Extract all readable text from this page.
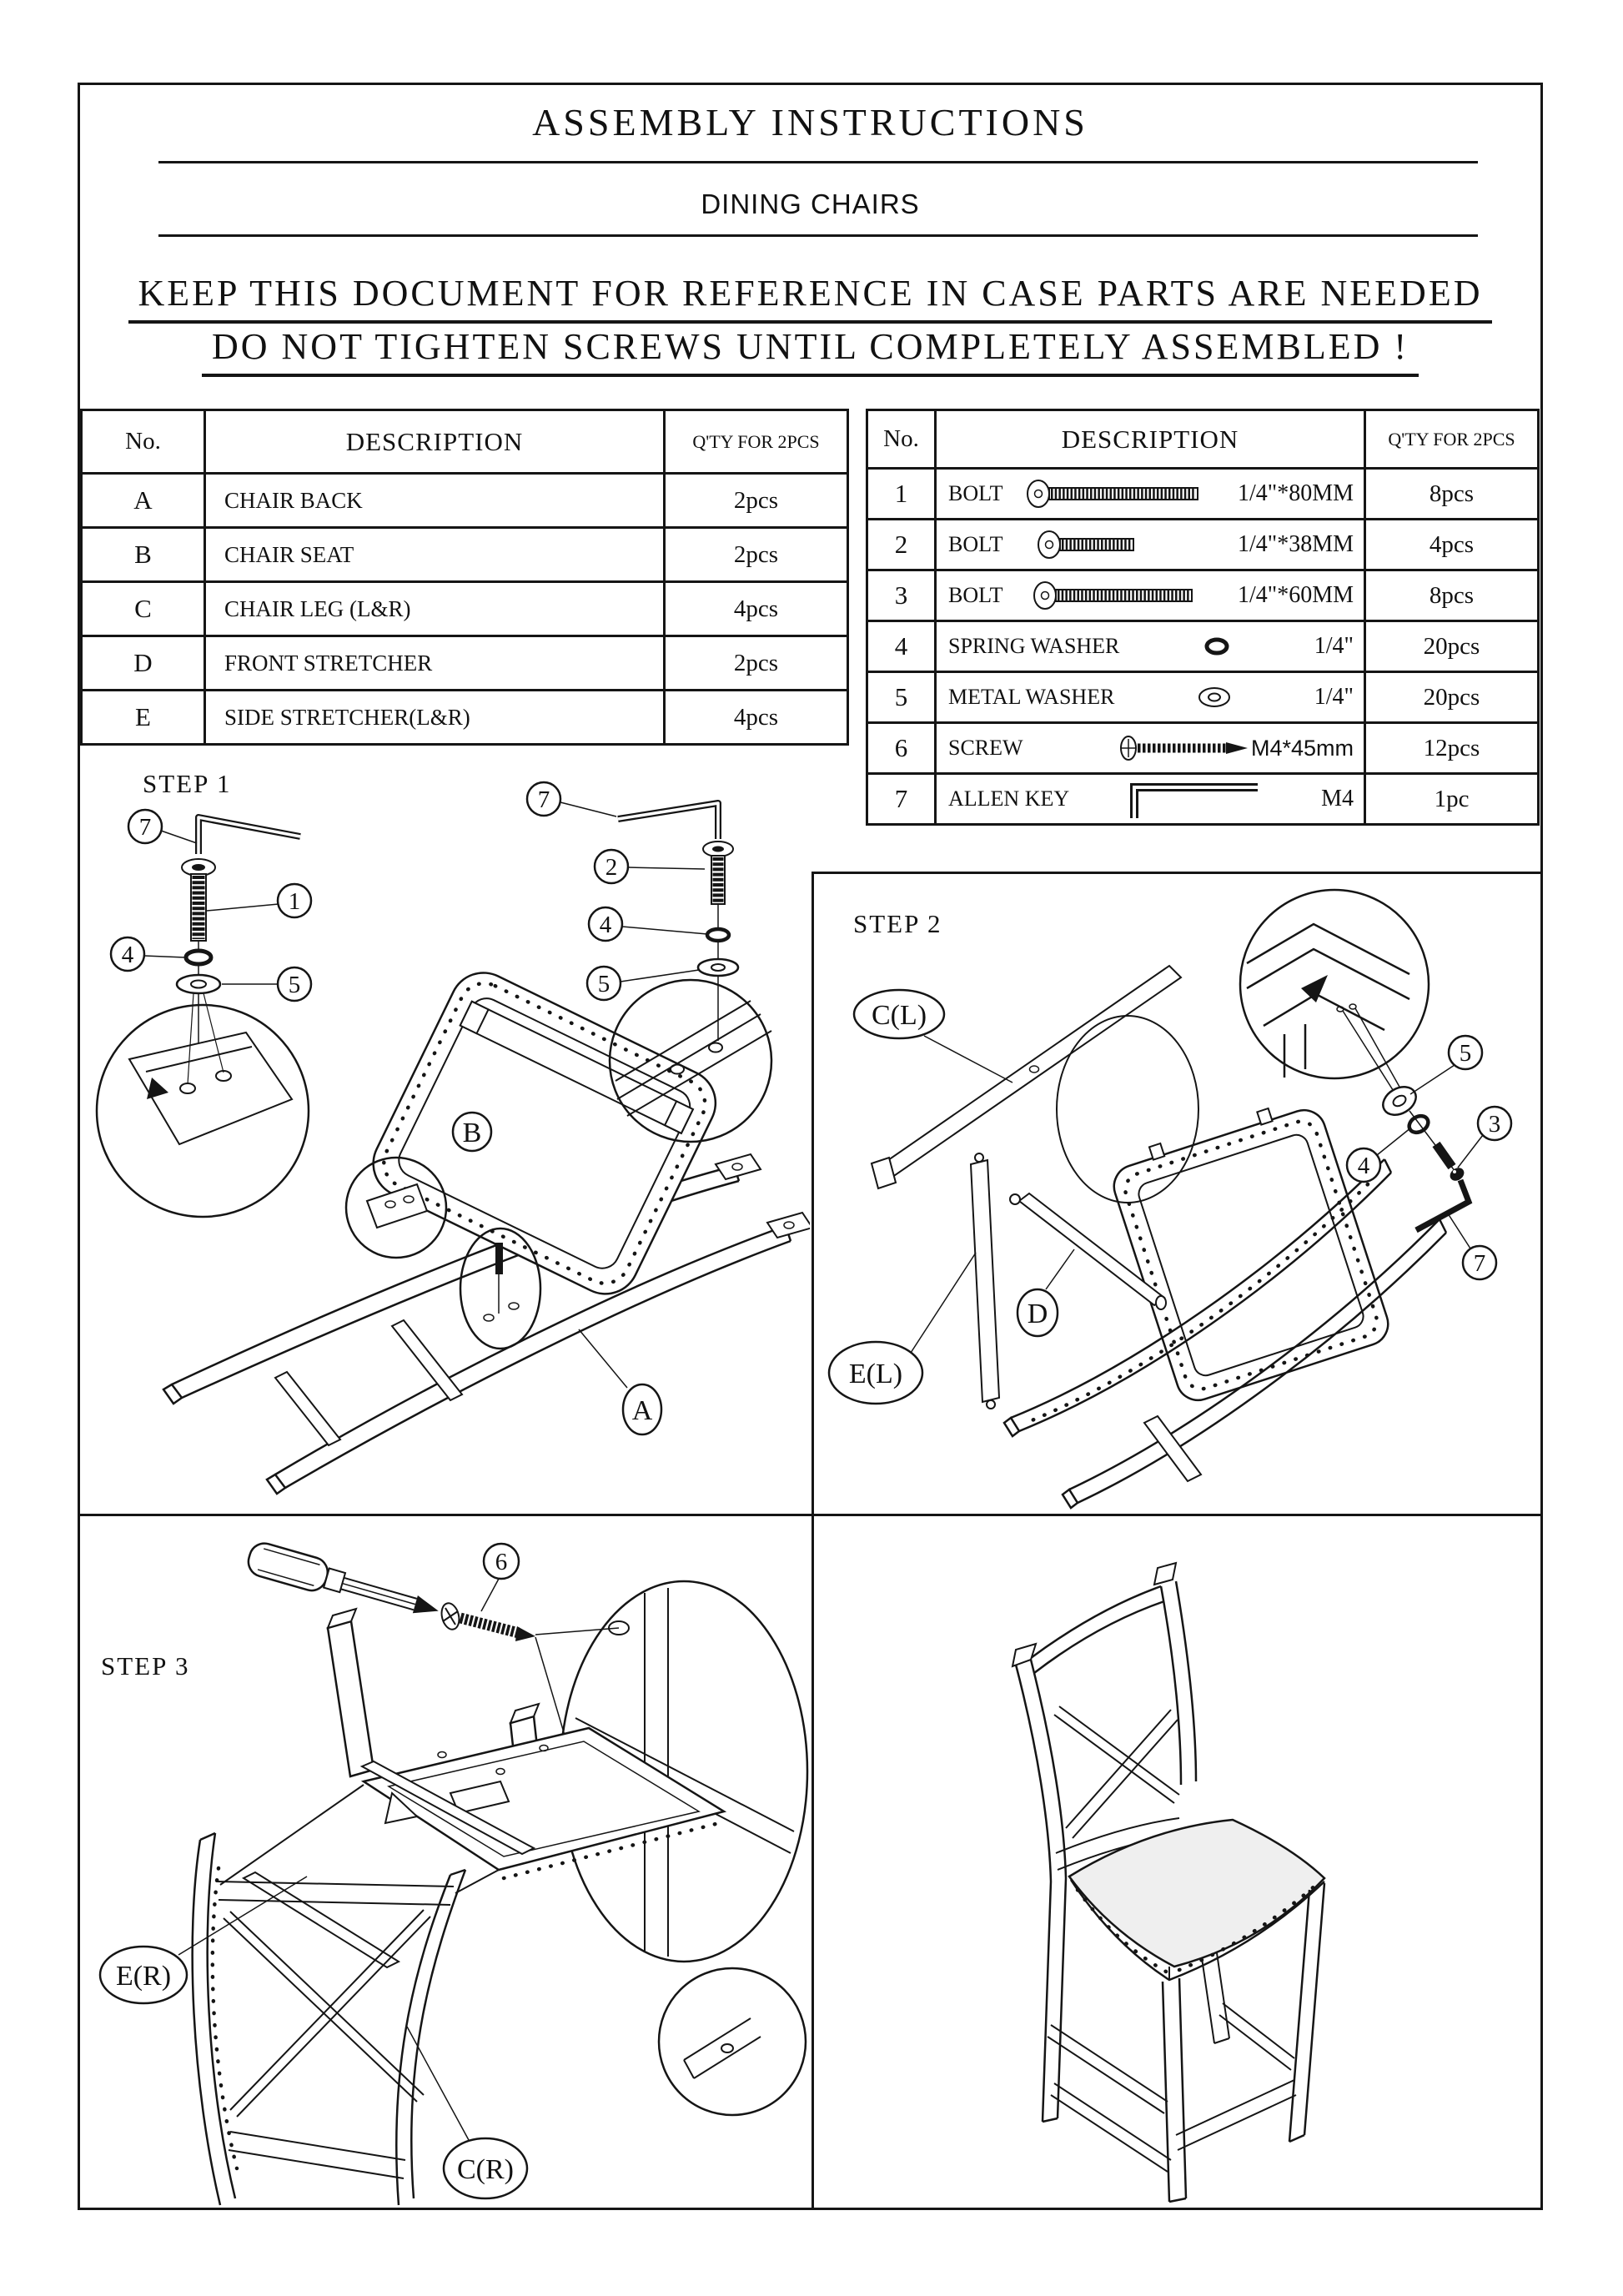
ASSEMBLY INSTRUCTIONS
DINING CHAIRS
KEEP THIS DOCUMENT FOR REFERENCE IN CASE PARTS ARE NEEDED
DO NOT TIGHTEN SCREWS UNTIL COMPLETELY ASSEMBLED !
No.	DESCRIPTION	Q'TY FOR 2PCS
A	CHAIR BACK	2pcs
B	CHAIR SEAT	2pcs
C	CHAIR LEG (L&R)	4pcs
D	FRONT STRETCHER	2pcs
E	SIDE STRETCHER(L&R)	4pcs
No.	DESCRIPTION	Q'TY FOR 2PCS
1	BOLT 1/4"*80MM	8pcs
2	BOLT 1/4"*38MM	4pcs
3	BOLT 1/4"*60MM	8pcs
4	SPRING WASHER 1/4"	20pcs
5	METAL WASHER 1/4"	20pcs
6	SCREW M4*45mm	12pcs
7	ALLEN KEY M4	1pc
STEP 1
7
1
4
5
7
2
4
5
B
A
STEP 2
5
4
3
7
C(L)
D
E(L)
STEP 3
6
E(R)
C(R)
